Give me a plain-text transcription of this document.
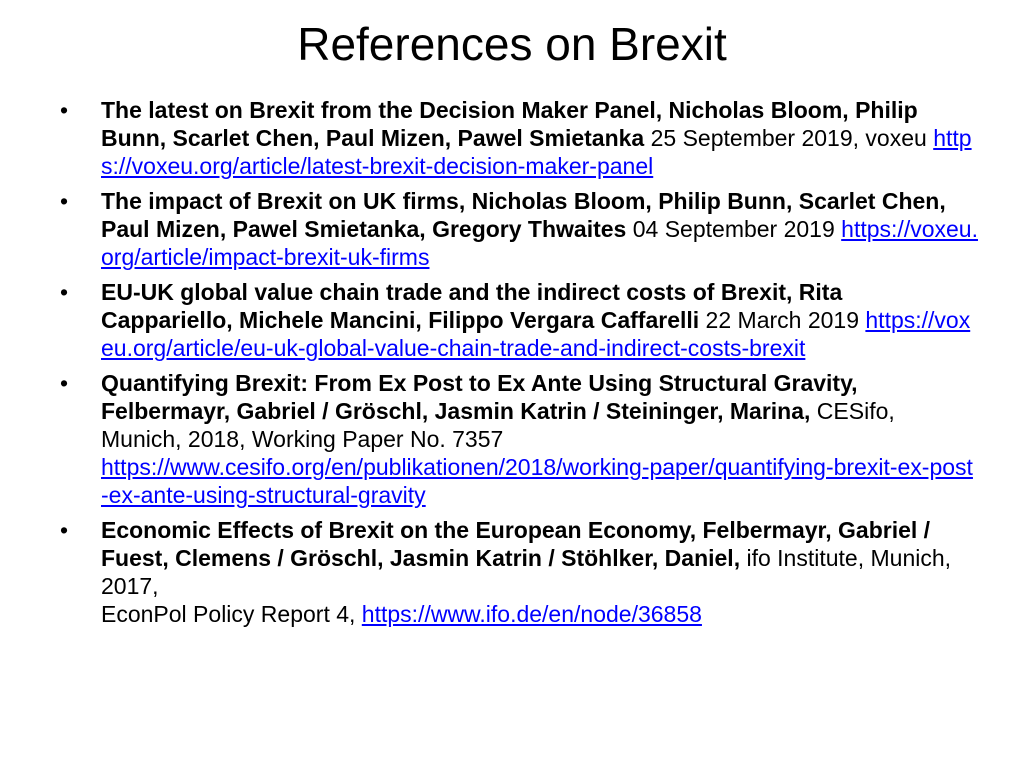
References on Brexit
• The latest on Brexit from the Decision Maker Panel, Nicholas Bloom, Philip Bunn, Scarlet Chen, Paul Mizen, Pawel Smietanka 25 September 2019, voxeu https://voxeu.org/article/latest-brexit-decision-maker-panel
• The impact of Brexit on UK firms, Nicholas Bloom, Philip Bunn, Scarlet Chen, Paul Mizen, Pawel Smietanka, Gregory Thwaites 04 September 2019 https://voxeu.org/article/impact-brexit-uk-firms
• EU-UK global value chain trade and the indirect costs of Brexit, Rita Cappariello, Michele Mancini, Filippo Vergara Caffarelli 22 March 2019 https://voxeu.org/article/eu-uk-global-value-chain-trade-and-indirect-costs-brexit
• Quantifying Brexit: From Ex Post to Ex Ante Using Structural Gravity, Felbermayr, Gabriel / Gröschl, Jasmin Katrin / Steininger, Marina, CESifo, Munich, 2018, Working Paper No. 7357
https://www.cesifo.org/en/publikationen/2018/working-paper/quantifying-brexit-ex-post-ex-ante-using-structural-gravity
• Economic Effects of Brexit on the European Economy, Felbermayr, Gabriel / Fuest, Clemens / Gröschl, Jasmin Katrin / Stöhlker, Daniel, ifo Institute, Munich, 2017,
EconPol Policy Report 4, https://www.ifo.de/en/node/36858
